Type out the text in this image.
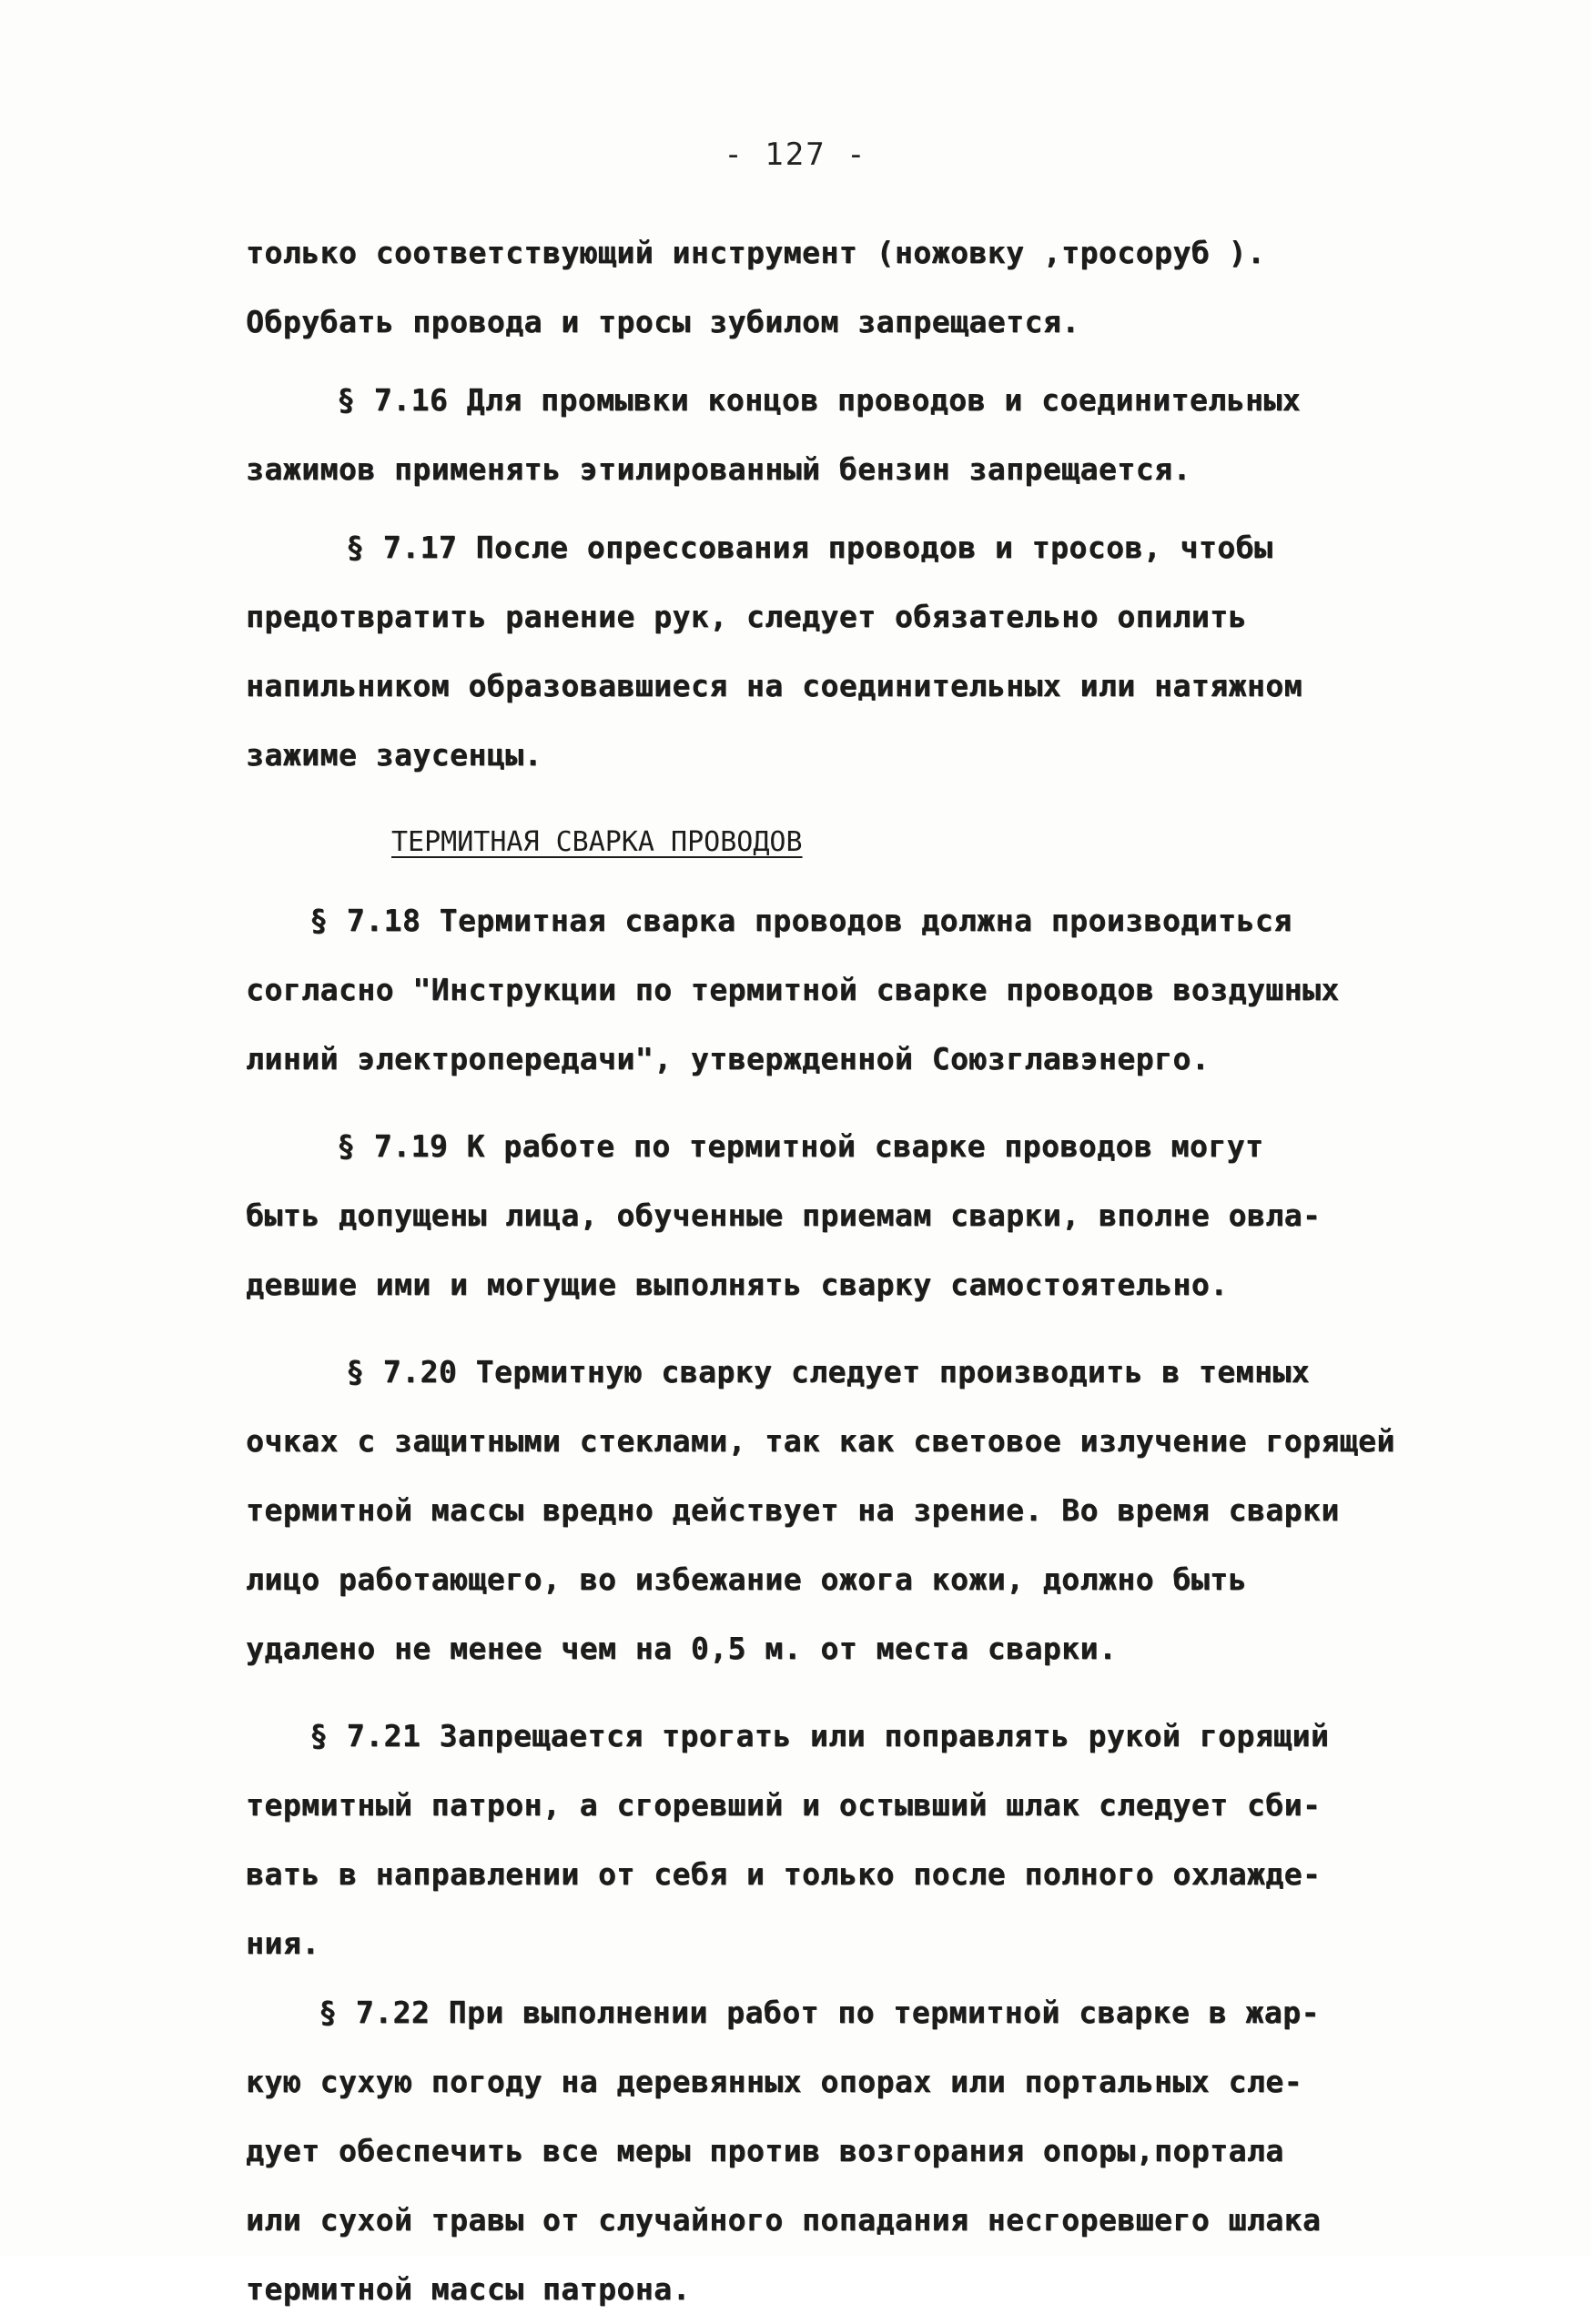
- 127 -
только соответствующий инструмент (ножовку ,тросоруб ).
Обрубать провода и тросы зубилом запрещается.
§ 7.16 Для промывки концов проводов и соединительных
зажимов применять этилированный бензин запрещается.
§ 7.17 После опрессования проводов и тросов, чтобы
предотвратить ранение рук, следует обязательно опилить
напильником образовавшиеся на соединительных или натяжном
зажиме заусенцы.
ТЕРМИТНАЯ СВАРКА ПРОВОДОВ
§ 7.18 Термитная сварка проводов должна производиться
согласно "Инструкции по термитной сварке проводов воздушных
линий электропередачи", утвержденной Союзглавэнерго.
§ 7.19 К работе по термитной сварке проводов могут
быть допущены лица, обученные приемам сварки, вполне овла-
девшие ими и могущие выполнять сварку самостоятельно.
§ 7.20 Термитную сварку следует производить в темных
очках с защитными стеклами, так как световое излучение горящей
термитной массы вредно действует на зрение. Во время сварки
лицо работающего, во избежание ожога кожи, должно быть
удалено не менее чем на 0,5 м. от места сварки.
§ 7.21 Запрещается трогать или поправлять рукой горящий
термитный патрон, а сгоревший и остывший шлак следует сби-
вать в направлении от себя и только после полного охлажде-
ния.
§ 7.22 При выполнении работ по термитной сварке в жар-
кую сухую погоду на деревянных опорах или портальных сле-
дует обеспечить все меры против возгорания опоры,портала
или сухой травы от случайного попадания несгоревшего шлака
термитной массы патрона.
